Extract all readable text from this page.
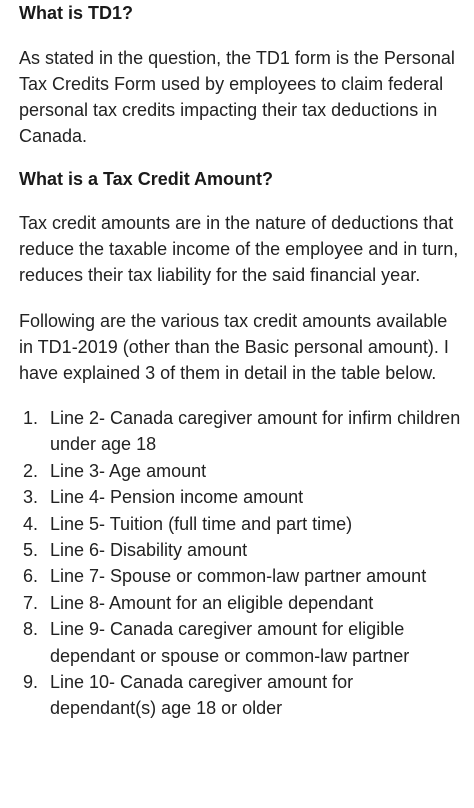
What is TD1?

As stated in the question, the TD1 form is the Personal Tax Credits Form used by employees to claim federal personal tax credits impacting their tax deductions in Canada.

What is a Tax Credit Amount?

Tax credit amounts are in the nature of deductions that reduce the taxable income of the employee and in turn, reduces their tax liability for the said financial year.

Following are the various tax credit amounts available in TD1-2019 (other than the Basic personal amount). I have explained 3 of them in detail in the table below.

1. Line 2- Canada caregiver amount for infirm children under age 18
2. Line 3- Age amount
3. Line 4- Pension income amount
4. Line 5- Tuition (full time and part time)
5. Line 6- Disability amount
6. Line 7- Spouse or common-law partner amount
7. Line 8- Amount for an eligible dependant
8. Line 9- Canada caregiver amount for eligible dependant or spouse or common-law partner
9. Line 10- Canada caregiver amount for dependant(s) age 18 or older
